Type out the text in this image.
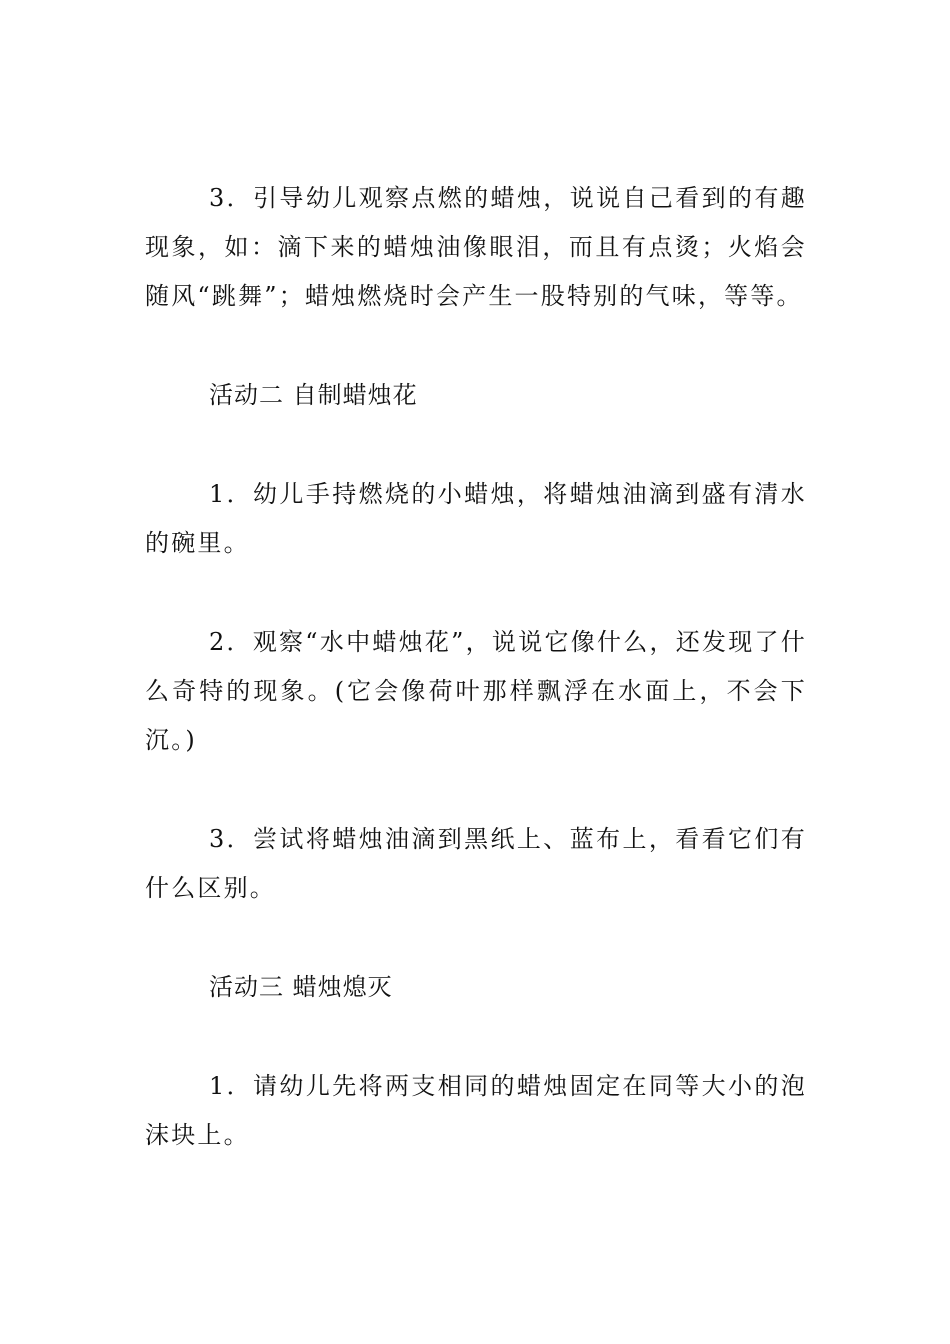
3．引导幼儿观察点燃的蜡烛，说说自己看到的有趣现象，如：滴下来的蜡烛油像眼泪，而且有点烫；火焰会随风“跳舞”；蜡烛燃烧时会产生一股特别的气味，等等。

活动二 自制蜡烛花

1．幼儿手持燃烧的小蜡烛，将蜡烛油滴到盛有清水的碗里。

2．观察“水中蜡烛花”，说说它像什么，还发现了什么奇特的现象。(它会像荷叶那样飘浮在水面上，不会下沉。)

3．尝试将蜡烛油滴到黑纸上、蓝布上，看看它们有什么区别。

活动三 蜡烛熄灭

1．请幼儿先将两支相同的蜡烛固定在同等大小的泡沫块上。
